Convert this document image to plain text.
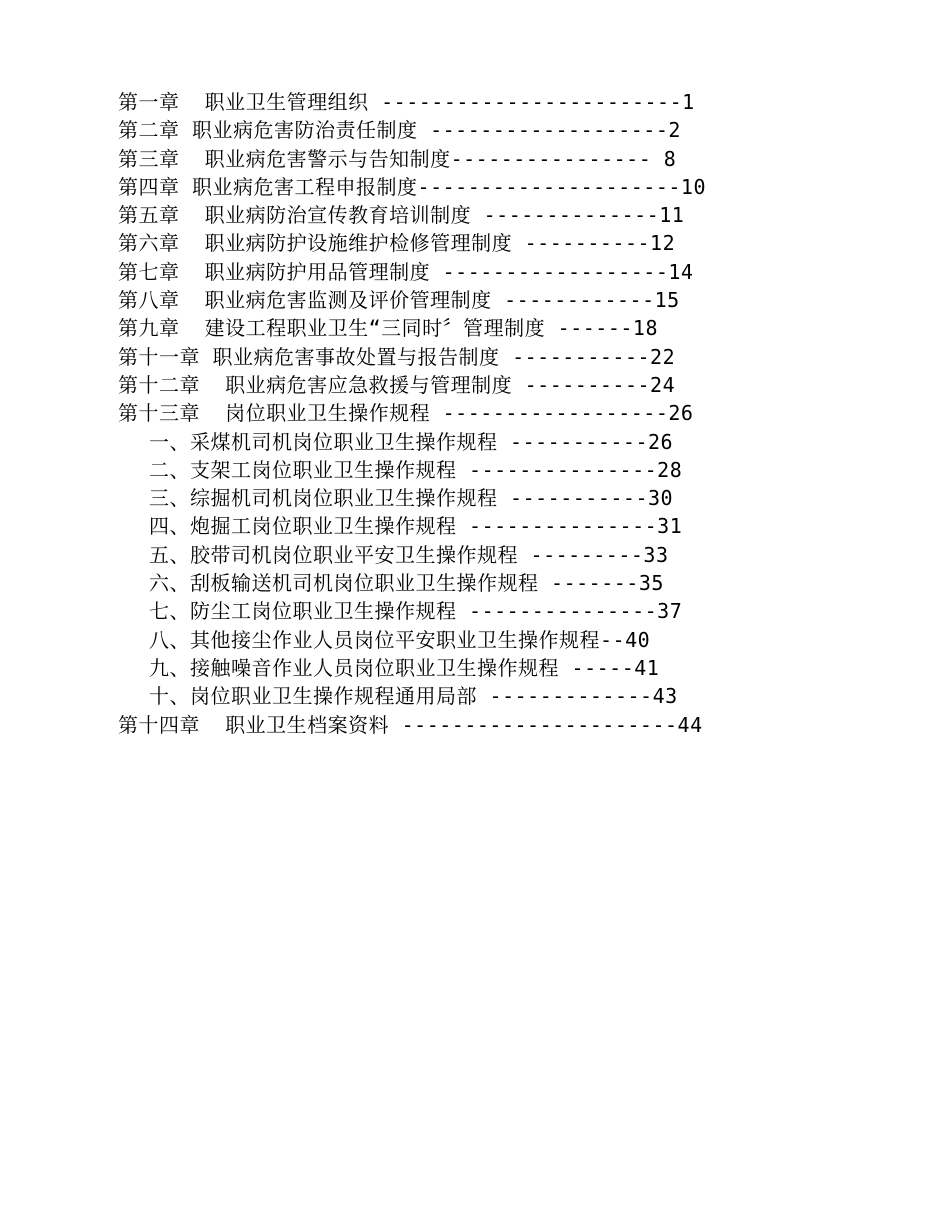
第一章  职业卫生管理组织 ------------------------1
第二章 职业病危害防治责任制度 -------------------2
第三章  职业病危害警示与告知制度---------------- 8
第四章 职业病危害工程申报制度---------------------10
第五章  职业病防治宣传教育培训制度 --------------11
第六章  职业病防护设施维护检修管理制度 ----------12
第七章  职业病防护用品管理制度 ------------------14
第八章  职业病危害监测及评价管理制度 ------------15
第九章  建设工程职业卫生“三同时〞管理制度 ------18
第十一章 职业病危害事故处置与报告制度 -----------22
第十二章  职业病危害应急救援与管理制度 ----------24
第十三章  岗位职业卫生操作规程 ------------------26
一、采煤机司机岗位职业卫生操作规程 -----------26
二、支架工岗位职业卫生操作规程 ---------------28
三、综掘机司机岗位职业卫生操作规程 -----------30
四、炮掘工岗位职业卫生操作规程 ---------------31
五、胶带司机岗位职业平安卫生操作规程 ---------33
六、刮板输送机司机岗位职业卫生操作规程 -------35
七、防尘工岗位职业卫生操作规程 ---------------37
八、其他接尘作业人员岗位平安职业卫生操作规程--40
九、接触噪音作业人员岗位职业卫生操作规程 -----41
十、岗位职业卫生操作规程通用局部 -------------43
第十四章  职业卫生档案资料 ----------------------44
